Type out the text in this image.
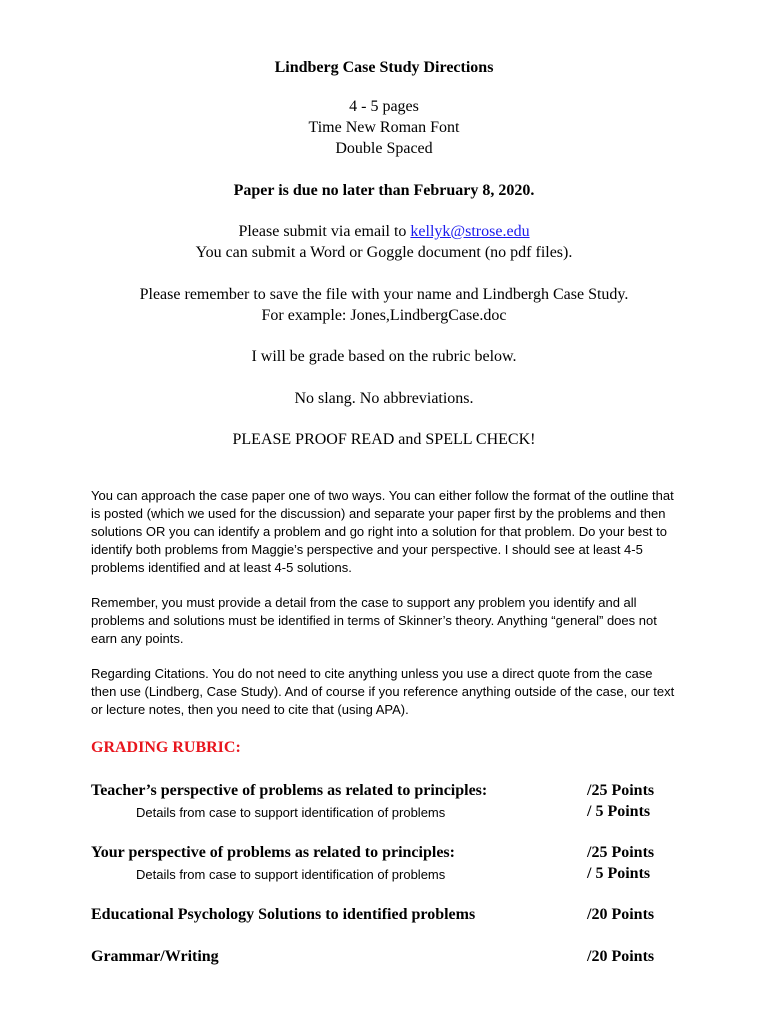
Lindberg Case Study Directions
4 - 5 pages
Time New Roman Font
Double Spaced
Paper is due no later than February 8, 2020.
Please submit via email to kellyk@strose.edu
You can submit a Word or Goggle document (no pdf files).
Please remember to save the file with your name and Lindbergh Case Study.
For example: Jones,LindbergCase.doc
I will be grade based on the rubric below.
No slang. No abbreviations.
PLEASE PROOF READ and SPELL CHECK!
You can approach the case paper one of two ways. You can either follow the format of the outline that is posted (which we used for the discussion) and separate your paper first by the problems and then solutions OR you can identify a problem and go right into a solution for that problem. Do your best to identify both problems from Maggie’s perspective and your perspective. I should see at least 4-5 problems identified and at least 4-5 solutions.
Remember, you must provide a detail from the case to support any problem you identify and all problems and solutions must be identified in terms of Skinner’s theory. Anything “general” does not earn any points.
Regarding Citations. You do not need to cite anything unless you use a direct quote from the case then use (Lindberg, Case Study). And of course if you reference anything outside of the case, our text or lecture notes, then you need to cite that (using APA).
GRADING RUBRIC:
Teacher’s perspective of problems as related to principles:	/25 Points
Details from case to support identification of problems	/ 5 Points
Your perspective of problems as related to principles:	/25 Points
Details from case to support identification of problems	/ 5 Points
Educational Psychology Solutions to identified problems	/20 Points
Grammar/Writing	/20 Points
